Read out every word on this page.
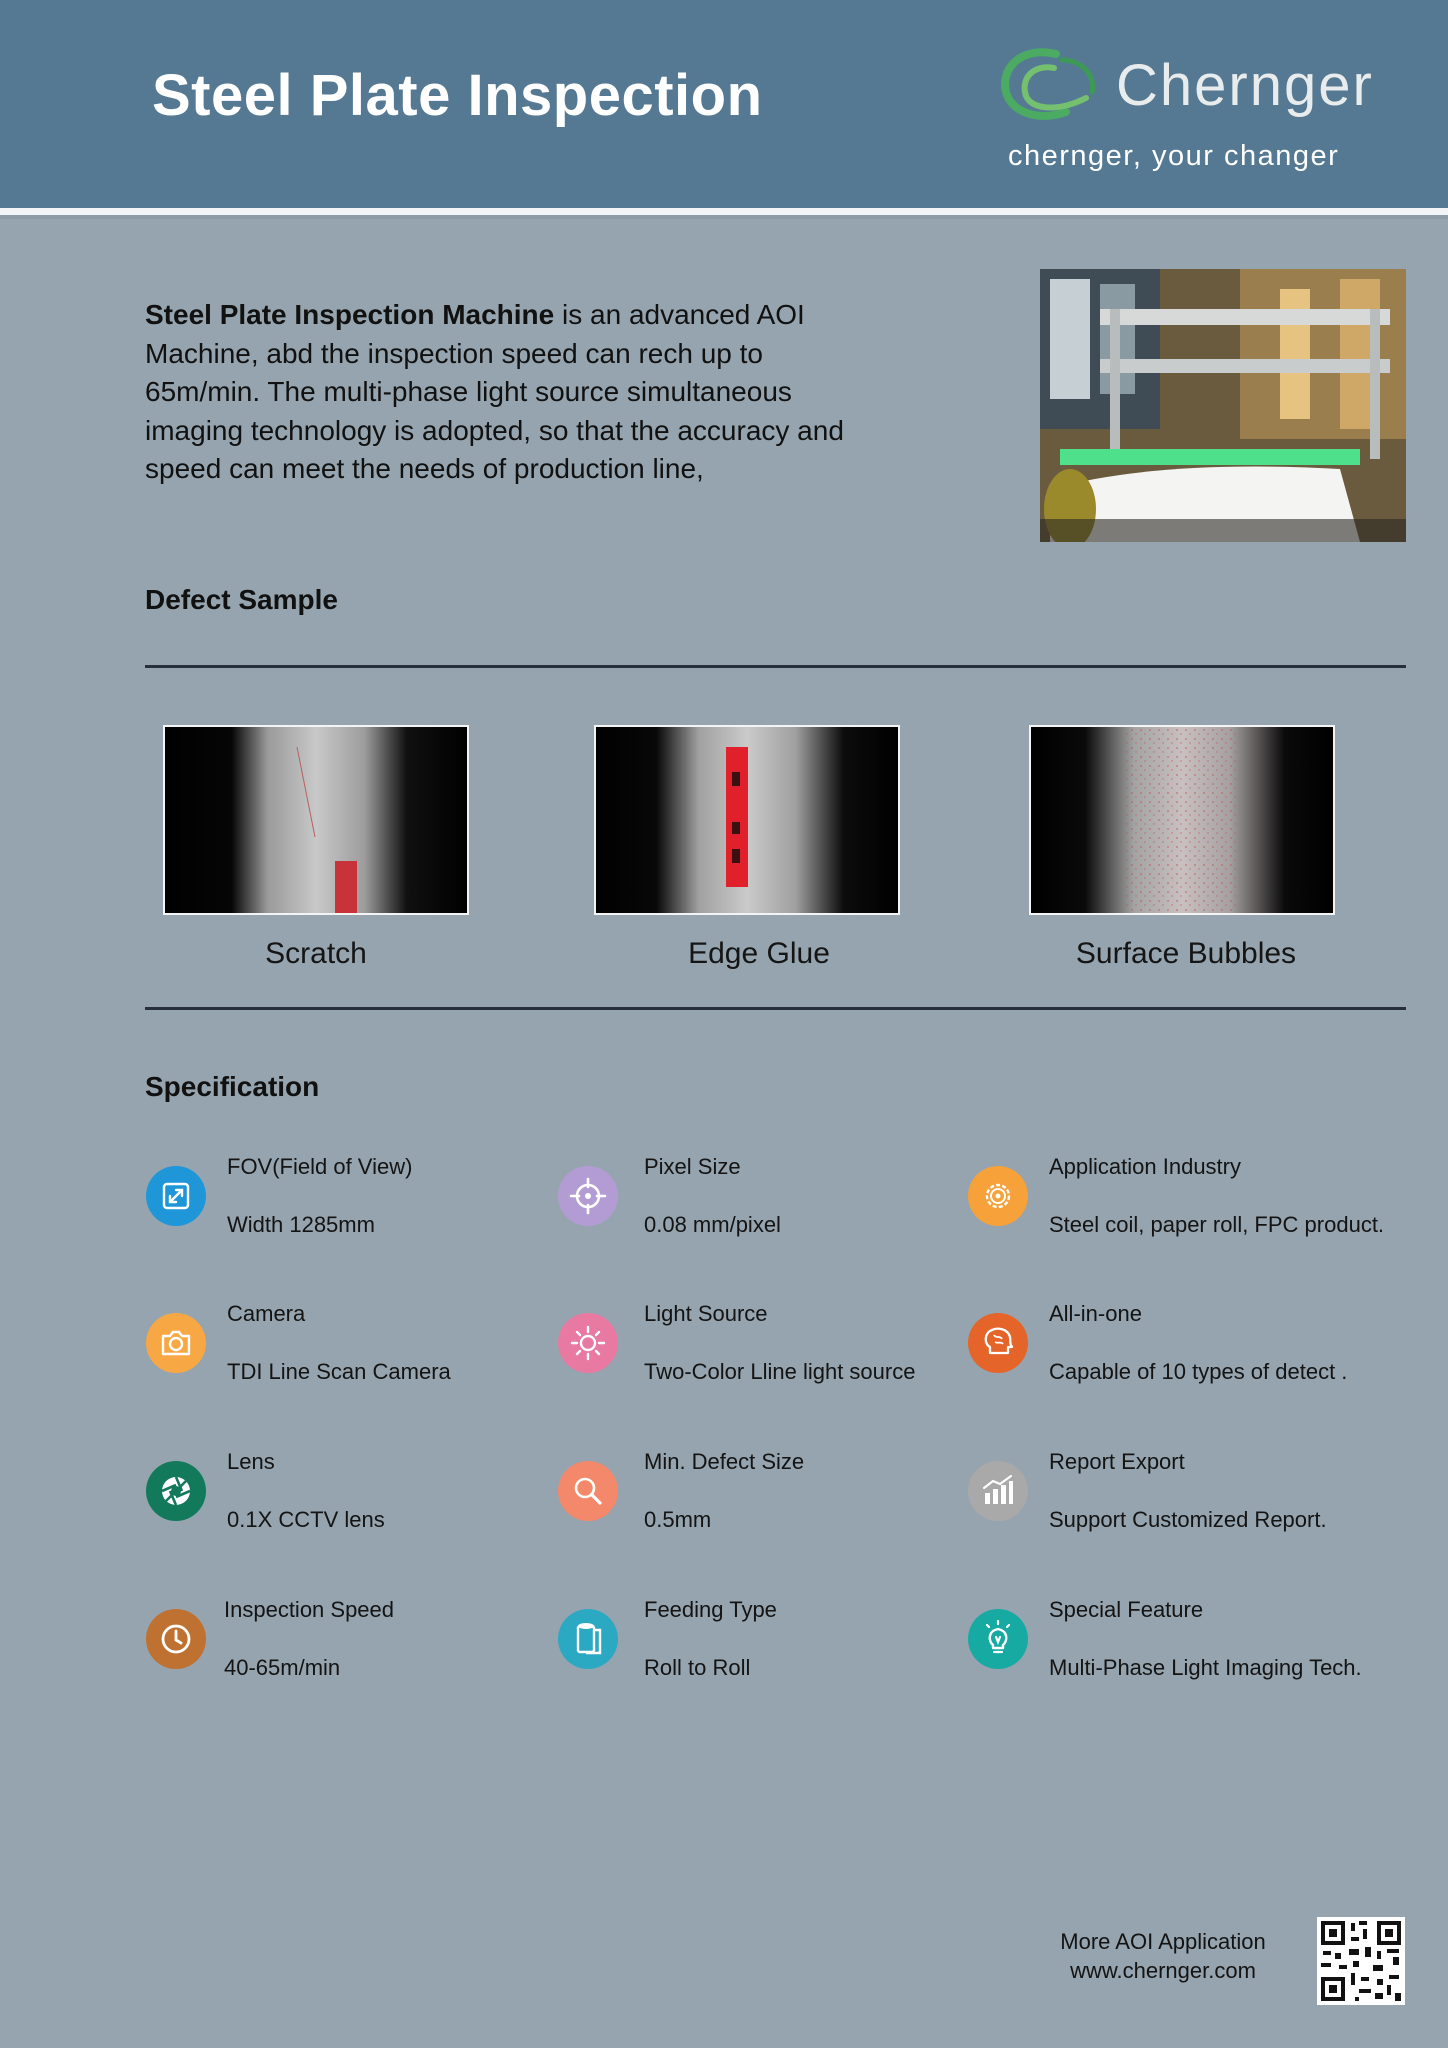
Steel Plate Inspection	Chernger
chernger, your changer

Steel Plate Inspection Machine is an advanced AOI Machine, abd the inspection speed can rech up to 65m/min. The multi-phase light source simultaneous imaging technology is adopted, so that the accuracy and speed can meet the needs of production line,

Defect Sample
Scratch	Edge Glue	Surface Bubbles
Specification
FOV(Field of View)
Width 1285mm
Pixel Size
0.08 mm/pixel
Application Industry
Steel coil, paper roll, FPC product.
Camera
TDI Line Scan Camera
Light Source
Two-Color Lline light source
All-in-one
Capable of 10 types of detect .
Lens
0.1X CCTV lens
Min. Defect Size
0.5mm
Report Export
Support Customized Report.
Inspection Speed
40-65m/min
Feeding Type
Roll to Roll
Special Feature
Multi-Phase Light Imaging Tech.
More AOI Application
www.chernger.com
